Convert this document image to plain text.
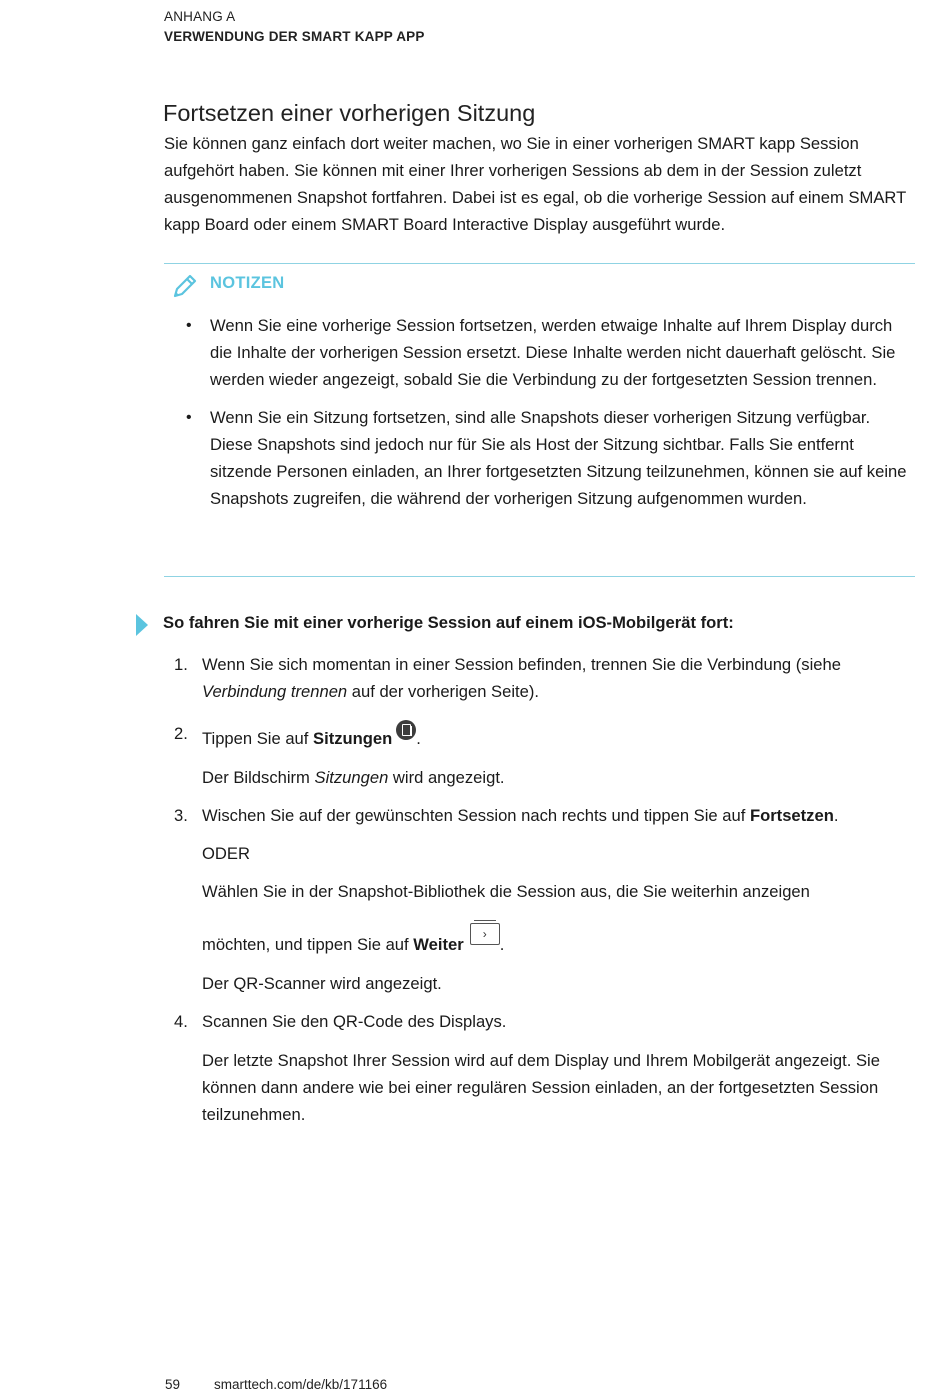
ANHANG A
VERWENDUNG DER SMART KAPP APP
Fortsetzen einer vorherigen Sitzung
Sie können ganz einfach dort weiter machen, wo Sie in einer vorherigen SMART kapp Session aufgehört haben. Sie können mit einer Ihrer vorherigen Sessions ab dem in der Session zuletzt ausgenommenen Snapshot fortfahren. Dabei ist es egal, ob die vorherige Session auf einem SMART kapp Board oder einem SMART Board Interactive Display ausgeführt wurde.
NOTIZEN
• Wenn Sie eine vorherige Session fortsetzen, werden etwaige Inhalte auf Ihrem Display durch die Inhalte der vorherigen Session ersetzt. Diese Inhalte werden nicht dauerhaft gelöscht. Sie werden wieder angezeigt, sobald Sie die Verbindung zu der fortgesetzten Session trennen.
• Wenn Sie ein Sitzung fortsetzen, sind alle Snapshots dieser vorherigen Sitzung verfügbar. Diese Snapshots sind jedoch nur für Sie als Host der Sitzung sichtbar. Falls Sie entfernt sitzende Personen einladen, an Ihrer fortgesetzten Sitzung teilzunehmen, können sie auf keine Snapshots zugreifen, die während der vorherigen Sitzung aufgenommen wurden.
So fahren Sie mit einer vorherige Session auf einem iOS-Mobilgerät fort:
1. Wenn Sie sich momentan in einer Session befinden, trennen Sie die Verbindung (siehe Verbindung trennen auf der vorherigen Seite).

2. Tippen Sie auf Sitzungen .

Der Bildschirm Sitzungen wird angezeigt.

3. Wischen Sie auf der gewünschten Session nach rechts und tippen Sie auf Fortsetzen.

ODER

Wählen Sie in der Snapshot-Bibliothek die Session aus, die Sie weiterhin anzeigen

möchten, und tippen Sie auf Weiter›.

Der QR-Scanner wird angezeigt.

4. Scannen Sie den QR-Code des Displays.

Der letzte Snapshot Ihrer Session wird auf dem Display und Ihrem Mobilgerät angezeigt. Sie können dann andere wie bei einer regulären Session einladen, an der fortgesetzten Session teilzunehmen.

59	smarttech.com/de/kb/171166
